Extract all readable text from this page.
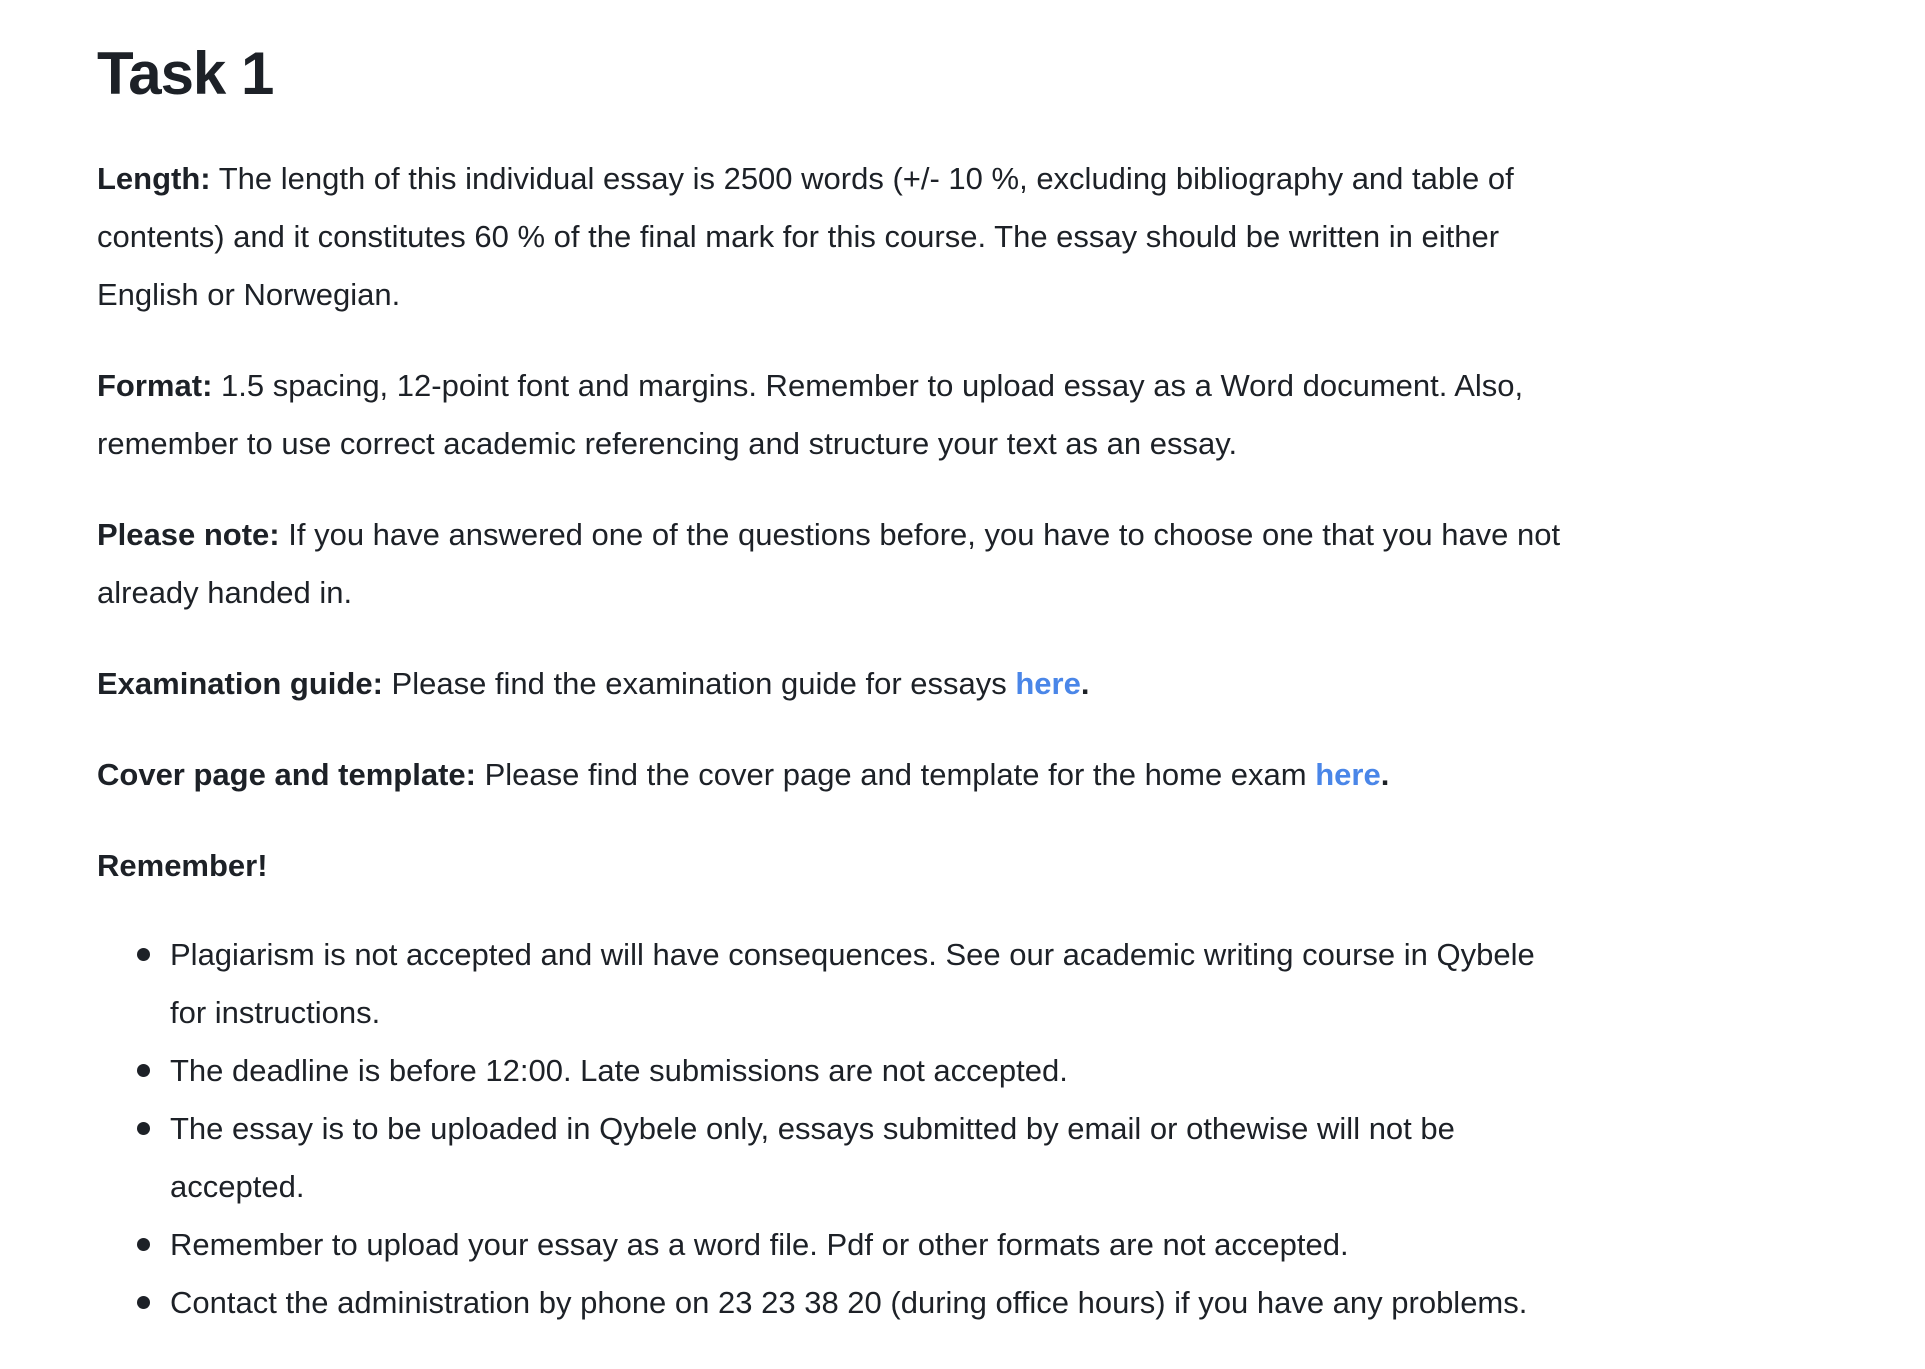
Task 1

Length: The length of this individual essay is 2500 words (+/- 10 %, excluding bibliography and table of contents) and it constitutes 60 % of the final mark for this course. The essay should be written in either English or Norwegian.

Format: 1.5 spacing, 12-point font and margins. Remember to upload essay as a Word document. Also, remember to use correct academic referencing and structure your text as an essay.

Please note: If you have answered one of the questions before, you have to choose one that you have not already handed in.

Examination guide: Please find the examination guide for essays here.

Cover page and template: Please find the cover page and template for the home exam here.

Remember!

Plagiarism is not accepted and will have consequences. See our academic writing course in Qybele for instructions.
The deadline is before 12:00. Late submissions are not accepted.
The essay is to be uploaded in Qybele only, essays submitted by email or othewise will not be accepted.
Remember to upload your essay as a word file. Pdf or other formats are not accepted.
Contact the administration by phone on 23 23 38 20 (during office hours) if you have any problems.
